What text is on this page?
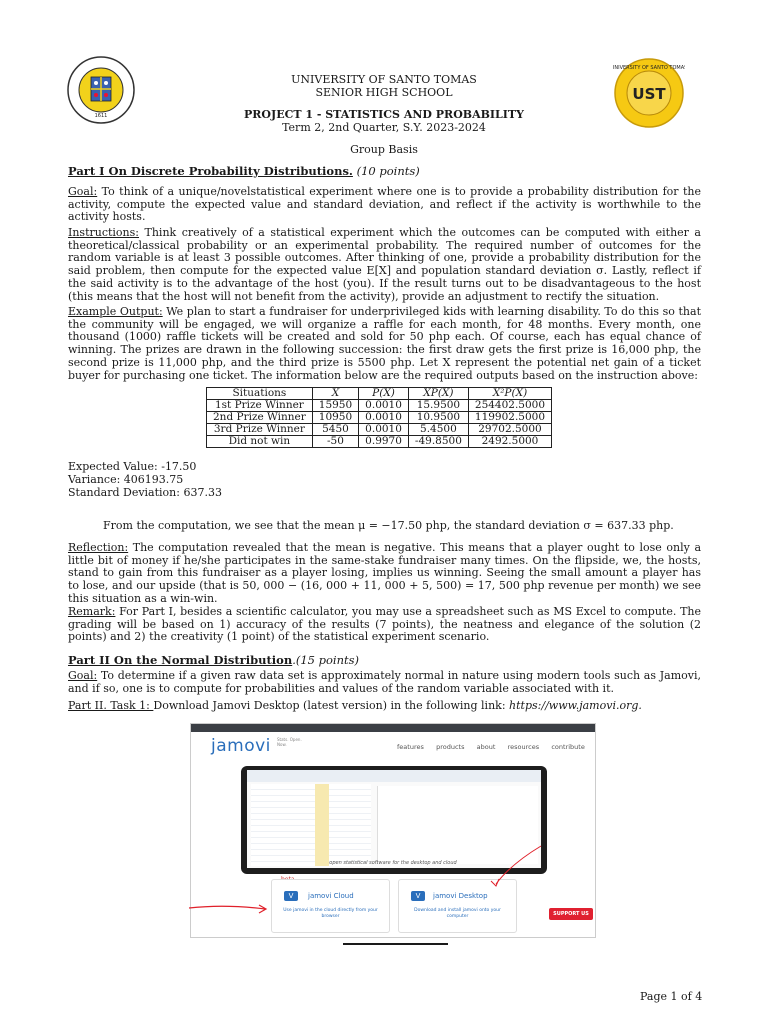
1611
UST
UNIVERSITY OF SANTO TOMAS
UNIVERSITY OF SANTO TOMAS
SENIOR HIGH SCHOOL
PROJECT 1 - STATISTICS AND PROBABILITY
Term 2, 2nd Quarter, S.Y. 2023-2024
Group Basis
Part I On Discrete Probability Distributions. (10 points)
Goal: To think of a unique/novelstatistical experiment where one is to provide a probability distribution for the activity, compute the expected value and standard deviation, and reflect if the activity is worthwhile to the activity hosts.
Instructions: Think creatively of a statistical experiment which the outcomes can be computed with either a theoretical/classical probability or an experimental probability. The required number of outcomes for the random variable is at least 3 possible outcomes. After thinking of one, provide a probability distribution for the said problem, then compute for the expected value E[X] and population standard deviation σ. Lastly, reflect if the said activity is to the advantage of the host (you). If the result turns out to be disadvantageous to the host (this means that the host will not benefit from the activity), provide an adjustment to rectify the situation.
Example Output: We plan to start a fundraiser for underprivileged kids with learning disability. To do this so that the community will be engaged, we will organize a raffle for each month, for 48 months. Every month, one thousand (1000) raffle tickets will be created and sold for 50 php each. Of course, each has equal chance of winning. The prizes are drawn in the following succession: the first draw gets the first prize is 16,000 php, the second prize is 11,000 php, and the third prize is 5500 php. Let X represent the potential net gain of a ticket buyer for purchasing one ticket. The information below are the required outputs based on the instruction above:
Situations	X	P(X)	XP(X)	X²P(X)
1st Prize Winner	15950	0.0010	15.9500	254402.5000
2nd Prize Winner	10950	0.0010	10.9500	119902.5000
3rd Prize Winner	5450	0.0010	5.4500	29702.5000
Did not win	-50	0.9970	-49.8500	2492.5000
Expected Value: -17.50
Variance: 406193.75
Standard Deviation: 637.33
From the computation, we see that the mean μ = −17.50 php, the standard deviation σ = 637.33 php.
Reflection: The computation revealed that the mean is negative. This means that a player ought to lose only a little bit of money if he/she participates in the same-stake fundraiser many times. On the flipside, we, the hosts, stand to gain from this fundraiser as a player losing, implies us winning. Seeing the small amount a player has to lose, and our upside (that is 50, 000 − (16, 000 + 11, 000 + 5, 500) = 17, 500 php revenue per month) we see this situation as a win-win.
Remark: For Part I, besides a scientific calculator, you may use a spreadsheet such as MS Excel to compute. The grading will be based on 1) accuracy of the results (7 points), the neatness and elegance of the solution (2 points) and 2) the creativity (1 point) of the statistical experiment scenario.
Part II On the Normal Distribution.(15 points)
Goal: To determine if a given raw data set is approximately normal in nature using modern tools such as Jamovi, and if so, one is to compute for probabilities and values of the random variable associated with it.
Part II. Task 1: Download Jamovi Desktop (latest version) in the following link: https://www.jamovi.org.
jamovi Stats. Open. Now.	features products about resources contribute
open statistical software for the desktop and cloud
V	jamovi Cloud
Use jamovi in the cloud directly from your browser
V	jamovi Desktop
Download and install jamovi onto your computer	SUPPORT US
Page 1 of 4
